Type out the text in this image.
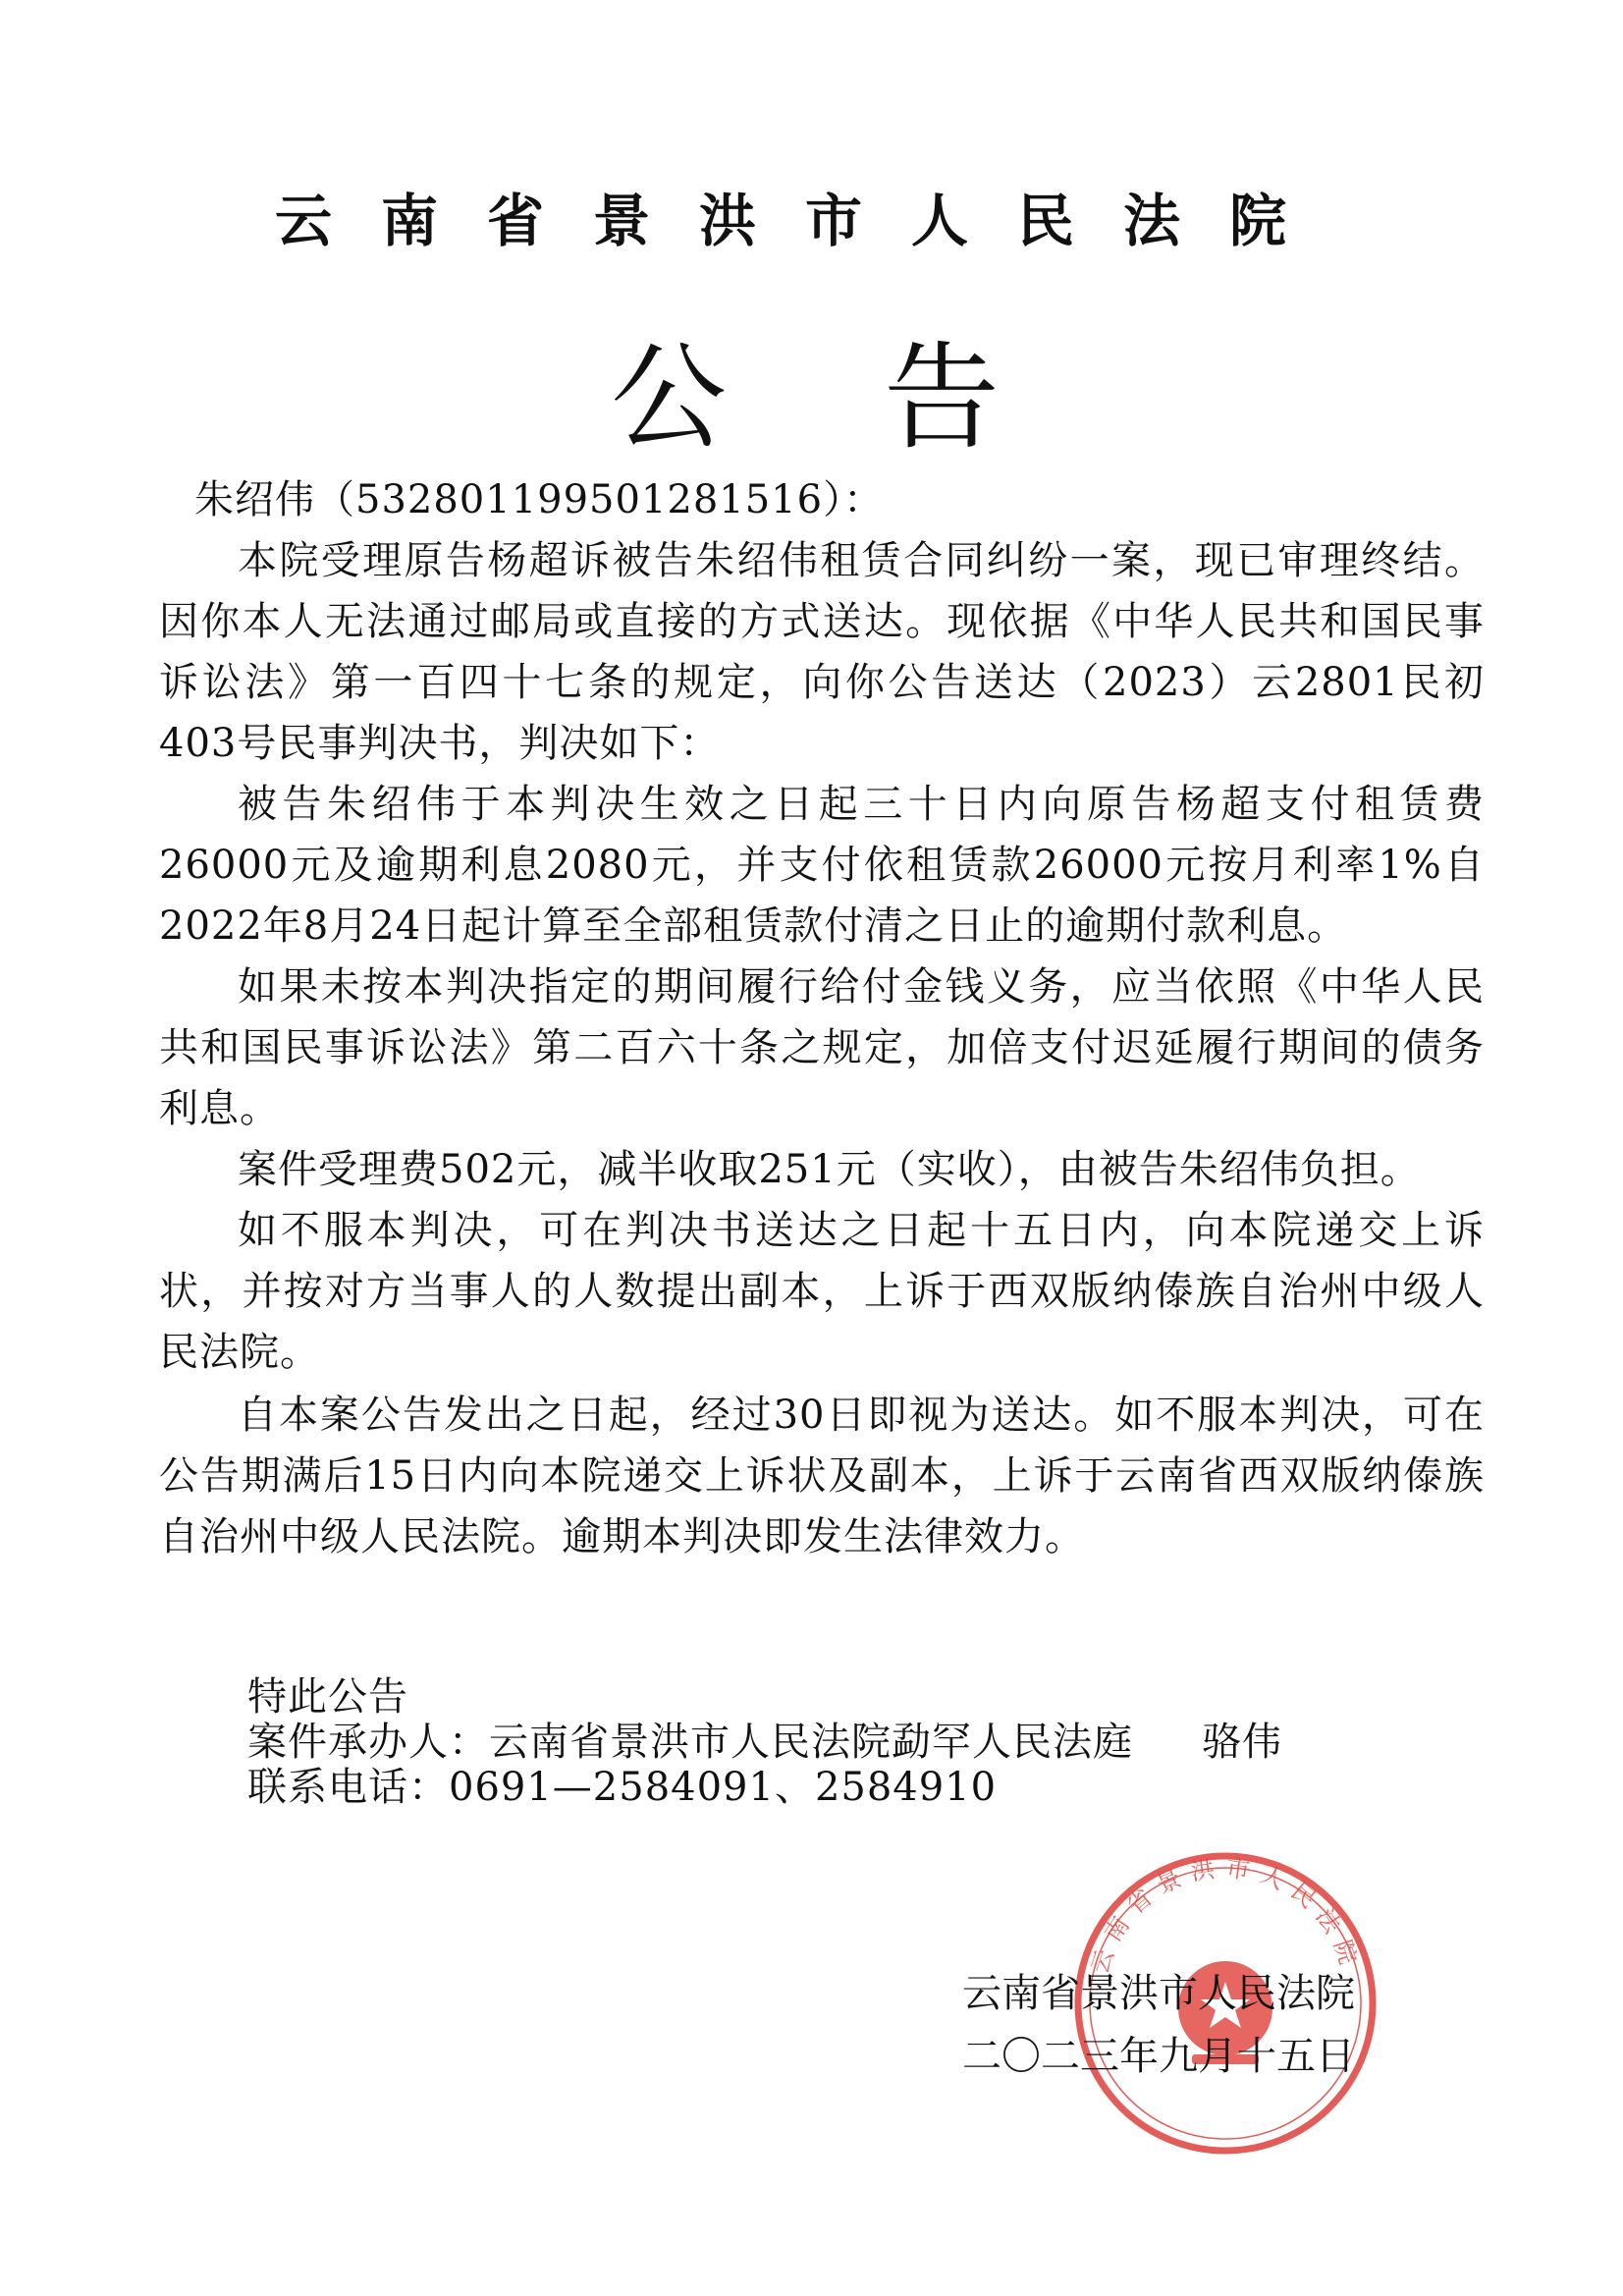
云南省景洪市人民法院
公告

朱绍伟（532801199501281516）：

本院受理原告杨超诉被告朱绍伟租赁合同纠纷一案，现已审理终结。因你本人无法通过邮局或直接的方式送达。现依据《中华人民共和国民事诉讼法》第一百四十七条的规定，向你公告送达（2023）云2801民初403号民事判决书，判决如下：

被告朱绍伟于本判决生效之日起三十日内向原告杨超支付租赁费26000元及逾期利息2080元，并支付依租赁款26000元按月利率1%自2022年8月24日起计算至全部租赁款付清之日止的逾期付款利息。

如果未按本判决指定的期间履行给付金钱义务，应当依照《中华人民共和国民事诉讼法》第二百六十条之规定，加倍支付迟延履行期间的债务利息。

案件受理费502元，减半收取251元（实收），由被告朱绍伟负担。

如不服本判决，可在判决书送达之日起十五日内，向本院递交上诉状，并按对方当事人的人数提出副本，上诉于西双版纳傣族自治州中级人民法院。

自本案公告发出之日起，经过30日即视为送达。如不服本判决，可在公告期满后15日内向本院递交上诉状及副本，上诉于云南省西双版纳傣族自治州中级人民法院。逾期本判决即发生法律效力。

特此公告
案件承办人：云南省景洪市人民法院勐罕人民法庭 骆伟
联系电话：0691—2584091、2584910
云南省景洪市人民法院
云南省景洪市人民法院
二〇二三年九月十五日
